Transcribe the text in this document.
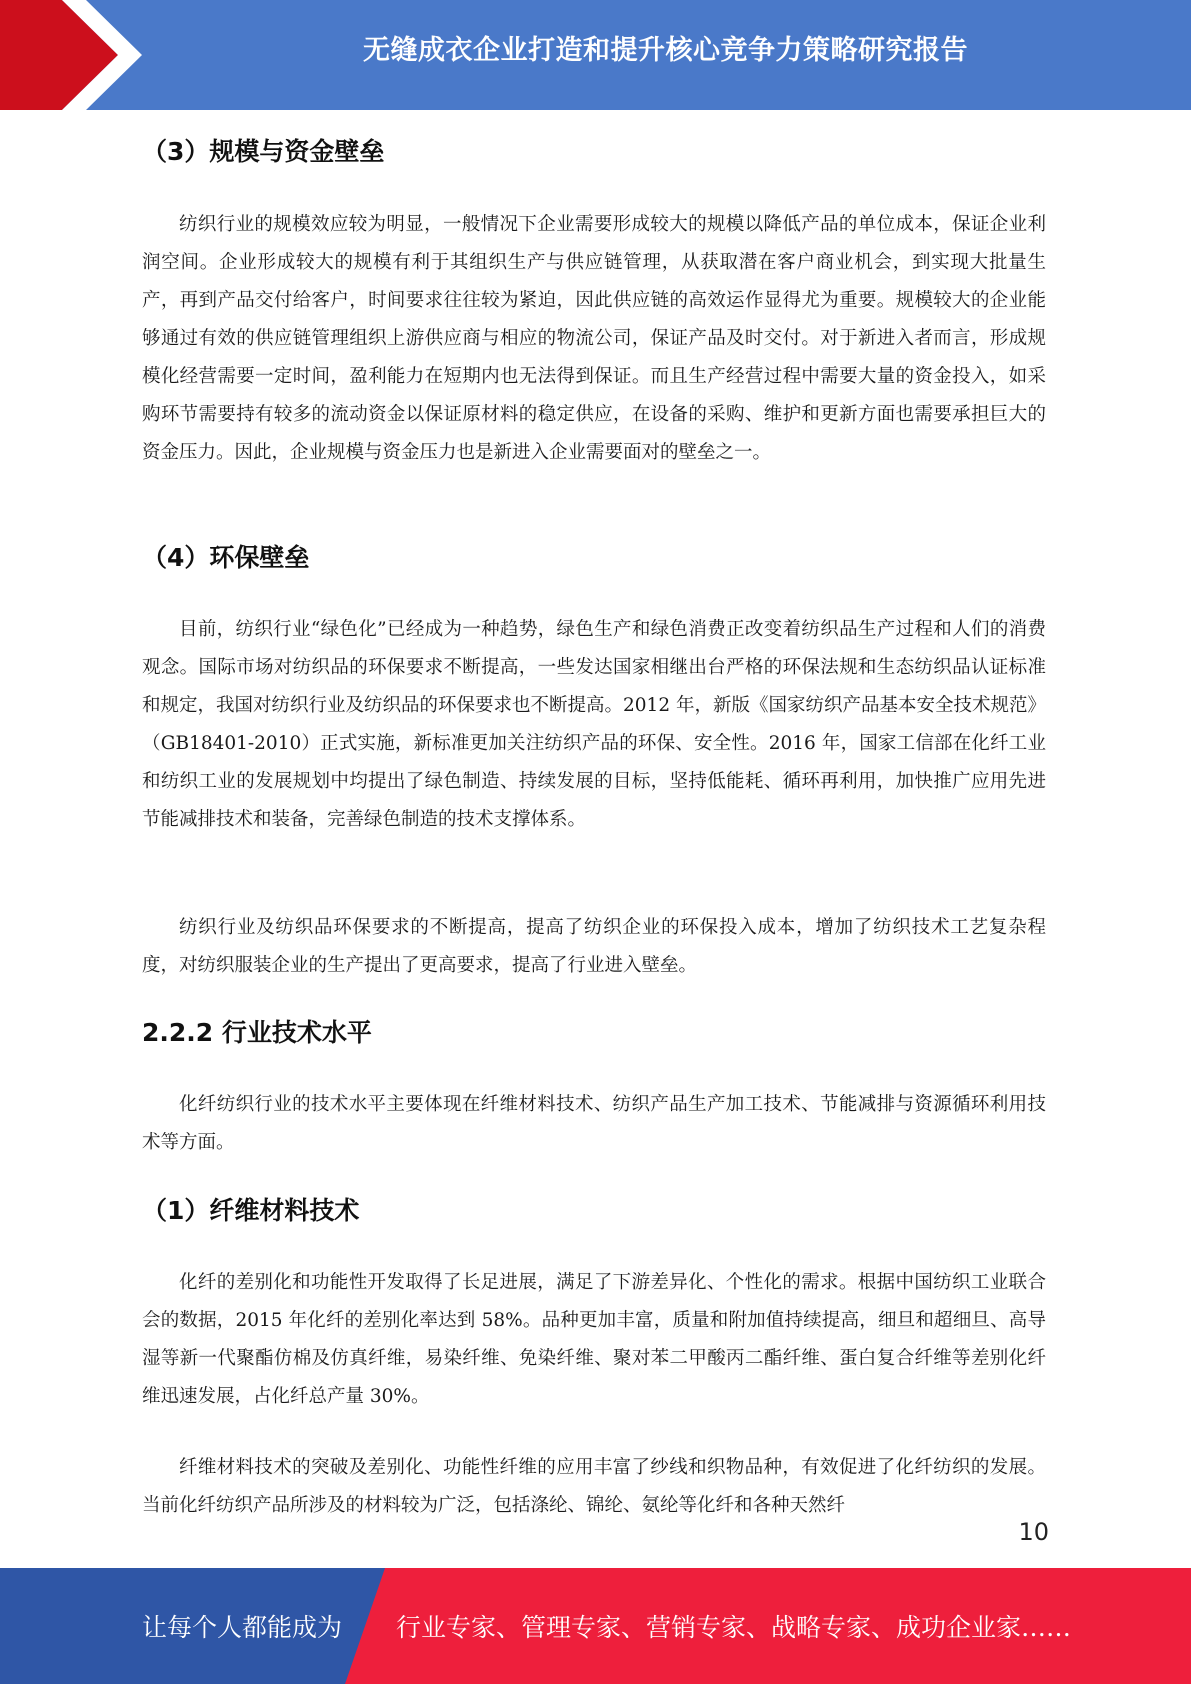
无缝成衣企业打造和提升核心竞争力策略研究报告
（3）规模与资金壁垒

纺织行业的规模效应较为明显，一般情况下企业需要形成较大的规模以降低产品的单位成本，保证企业利润空间。企业形成较大的规模有利于其组织生产与供应链管理，从获取潜在客户商业机会，到实现大批量生产，再到产品交付给客户，时间要求往往较为紧迫，因此供应链的高效运作显得尤为重要。规模较大的企业能够通过有效的供应链管理组织上游供应商与相应的物流公司，保证产品及时交付。对于新进入者而言，形成规模化经营需要一定时间，盈利能力在短期内也无法得到保证。而且生产经营过程中需要大量的资金投入，如采购环节需要持有较多的流动资金以保证原材料的稳定供应，在设备的采购、维护和更新方面也需要承担巨大的资金压力。因此，企业规模与资金压力也是新进入企业需要面对的壁垒之一。

（4）环保壁垒

目前，纺织行业“绿色化”已经成为一种趋势，绿色生产和绿色消费正改变着纺织品生产过程和人们的消费观念。国际市场对纺织品的环保要求不断提高，一些发达国家相继出台严格的环保法规和生态纺织品认证标准和规定，我国对纺织行业及纺织品的环保要求也不断提高。2012 年，新版《国家纺织产品基本安全技术规范》（GB18401-2010）正式实施，新标准更加关注纺织产品的环保、安全性。2016 年，国家工信部在化纤工业和纺织工业的发展规划中均提出了绿色制造、持续发展的目标，坚持低能耗、循环再利用，加快推广应用先进节能减排技术和装备，完善绿色制造的技术支撑体系。

纺织行业及纺织品环保要求的不断提高，提高了纺织企业的环保投入成本，增加了纺织技术工艺复杂程度，对纺织服装企业的生产提出了更高要求，提高了行业进入壁垒。

2.2.2 行业技术水平

化纤纺织行业的技术水平主要体现在纤维材料技术、纺织产品生产加工技术、节能减排与资源循环利用技术等方面。

（1）纤维材料技术

化纤的差别化和功能性开发取得了长足进展，满足了下游差异化、个性化的需求。根据中国纺织工业联合会的数据，2015 年化纤的差别化率达到 58%。品种更加丰富，质量和附加值持续提高，细旦和超细旦、高导湿等新一代聚酯仿棉及仿真纤维，易染纤维、免染纤维、聚对苯二甲酸丙二酯纤维、蛋白复合纤维等差别化纤维迅速发展，占化纤总产量 30%。

纤维材料技术的突破及差别化、功能性纤维的应用丰富了纱线和织物品种，有效促进了化纤纺织的发展。当前化纤纺织产品所涉及的材料较为广泛，包括涤纶、锦纶、氨纶等化纤和各种天然纤

10
让每个人都能成为 行业专家、管理专家、营销专家、战略专家、成功企业家……
